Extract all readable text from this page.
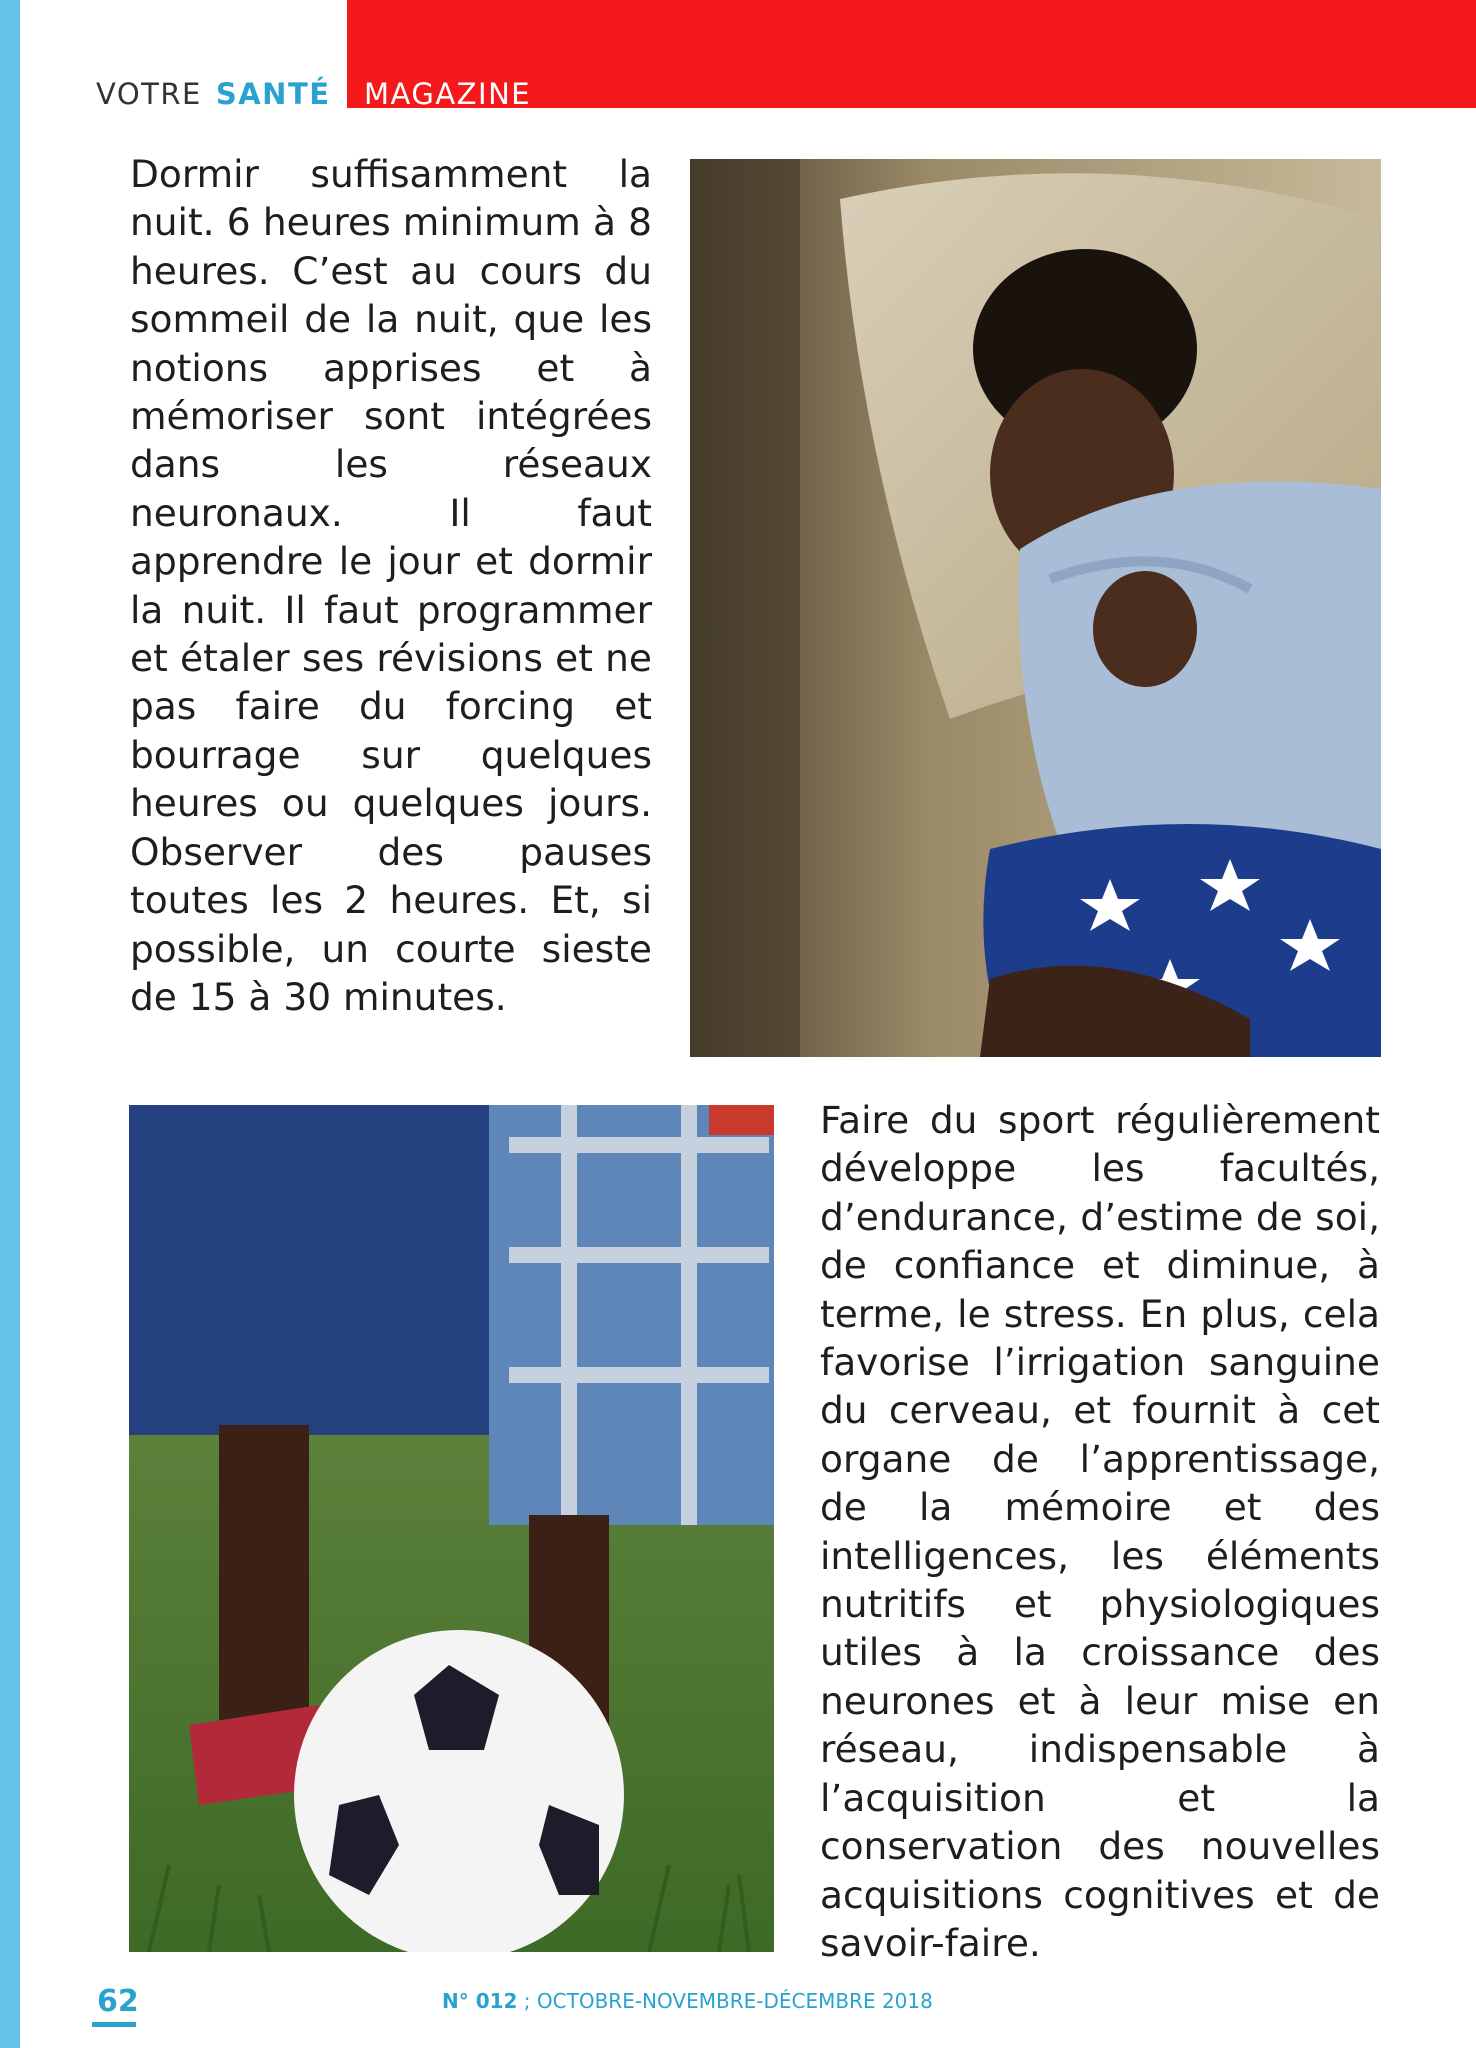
VOTRE SANTÉ MAGAZINE

Dormir suffisamment la nuit. 6 heures minimum à 8 heures. C’est au cours du sommeil de la nuit, que les notions apprises et à mémoriser sont intégrées dans les réseaux neuronaux. Il faut apprendre le jour et dormir la nuit. Il faut programmer et étaler ses révisions et ne pas faire du forcing et bourrage sur quelques heures ou quelques jours. Observer des pauses toutes les 2 heures. Et, si possible, un courte sieste de 15 à 30 minutes.

Faire du sport régulièrement développe les facultés, d’endurance, d’estime de soi, de confiance et diminue, à terme, le stress. En plus, cela favorise l’irrigation sanguine du cerveau, et fournit à cet organe de l’apprentissage, de la mémoire et des intelligences, les éléments nutritifs et physiologiques utiles à la croissance des neurones et à leur mise en réseau, indispensable à l’acquisition et la conservation des nouvelles acquisitions cognitives et de savoir-faire.

62	N° 012 ; OCTOBRE-NOVEMBRE-DÉCEMBRE 2018
